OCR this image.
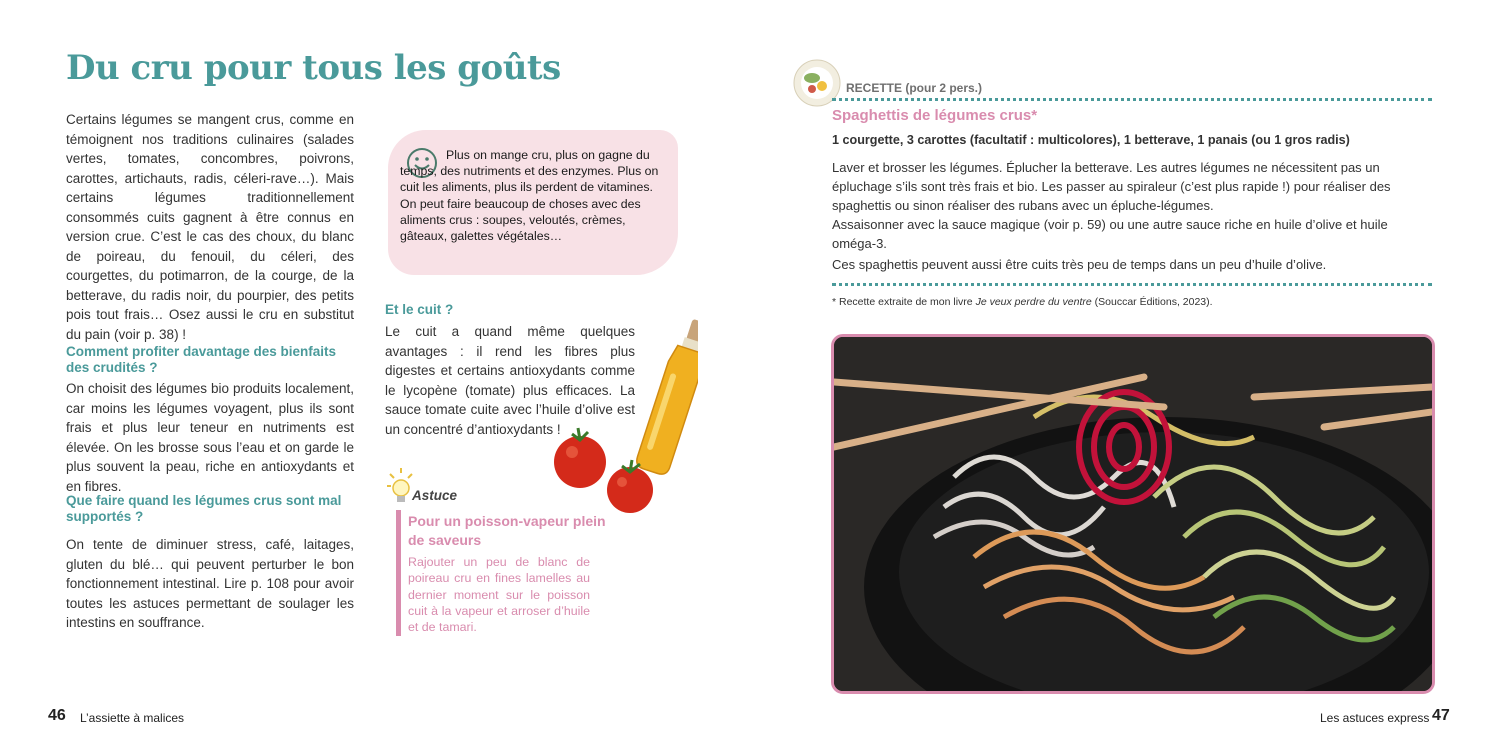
Du cru pour tous les goûts

Certains légumes se mangent crus, comme en témoignent nos traditions culinaires (salades vertes, tomates, concombres, poivrons, carottes, artichauts, radis, céleri-rave…). Mais certains légumes traditionnellement consommés cuits gagnent à être connus en version crue. C’est le cas des choux, du blanc de poireau, du fenouil, du céleri, des courgettes, du potimarron, de la courge, de la betterave, du radis noir, du pourpier, des petits pois tout frais… Osez aussi le cru en substitut du pain (voir p. 38) !

Comment profiter davantage des bienfaits des crudités ?

On choisit des légumes bio produits localement, car moins les légumes voyagent, plus ils sont frais et plus leur teneur en nutriments est élevée. On les brosse sous l’eau et on garde le plus souvent la peau, riche en antioxydants et en fibres.

Que faire quand les légumes crus sont mal supportés ?

On tente de diminuer stress, café, laitages, gluten du blé… qui peuvent perturber le bon fonctionnement intestinal. Lire p. 108 pour avoir toutes les astuces permettant de soulager les intestins en souffrance.

Plus on mange cru, plus on gagne du temps, des nutriments et des enzymes. Plus on cuit les aliments, plus ils perdent de vitamines. On peut faire beaucoup de choses avec des aliments crus : soupes, veloutés, crèmes, gâteaux, galettes végétales…

Et le cuit ?

Le cuit a quand même quelques avantages : il rend les fibres plus digestes et certains antioxydants comme le lycopène (tomate) plus efficaces. La sauce tomate cuite avec l’huile d’olive est un concentré d’antioxydants !

Astuce
Pour un poisson-vapeur plein de saveurs

Rajouter un peu de blanc de poireau cru en fines lamelles au dernier moment sur le poisson cuit à la vapeur et arroser d’huile et de tamari.

46 L’assiette à malices
RECETTE (pour 2 pers.)
Spaghettis de légumes crus*
1 courgette, 3 carottes (facultatif : multicolores), 1 betterave, 1 panais (ou 1 gros radis)

Laver et brosser les légumes. Éplucher la betterave. Les autres légumes ne nécessitent pas un épluchage s’ils sont très frais et bio. Les passer au spiraleur (c’est plus rapide !) pour réaliser des spaghettis ou sinon réaliser des rubans avec un épluche-légumes.

Assaisonner avec la sauce magique (voir p. 59) ou une autre sauce riche en huile d’olive et huile oméga-3.

Ces spaghettis peuvent aussi être cuits très peu de temps dans un peu d’huile d’olive.

* Recette extraite de mon livre Je veux perdre du ventre (Souccar Éditions, 2023).
Les astuces express 47
